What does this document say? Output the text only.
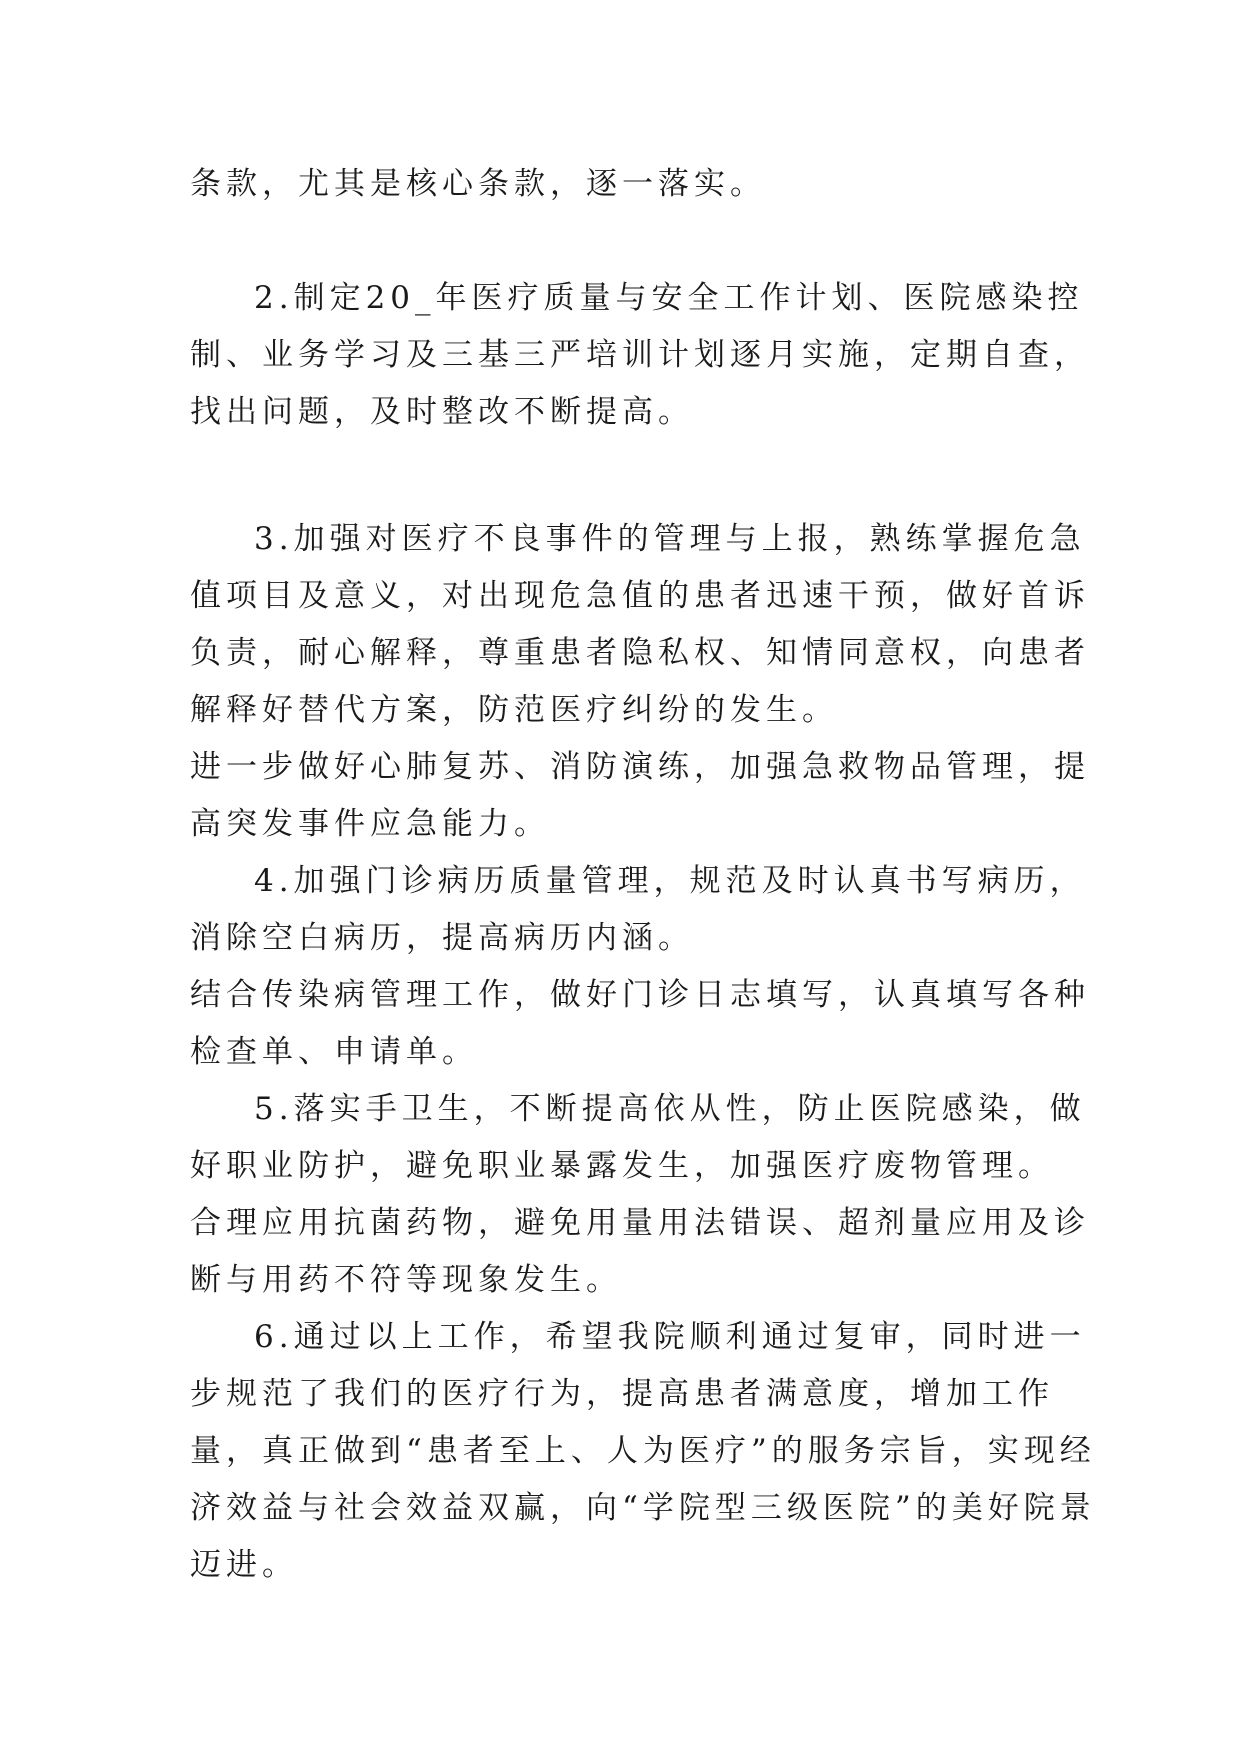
条款，尤其是核心条款，逐一落实。

2.制定20_年医疗质量与安全工作计划、医院感染控制、业务学习及三基三严培训计划逐月实施，定期自查，找出问题，及时整改不断提高。

3.加强对医疗不良事件的管理与上报，熟练掌握危急值项目及意义，对出现危急值的患者迅速干预，做好首诉负责，耐心解释，尊重患者隐私权、知情同意权，向患者解释好替代方案，防范医疗纠纷的发生。

进一步做好心肺复苏、消防演练，加强急救物品管理，提高突发事件应急能力。

4.加强门诊病历质量管理，规范及时认真书写病历，消除空白病历，提高病历内涵。

结合传染病管理工作，做好门诊日志填写，认真填写各种检查单、申请单。

5.落实手卫生，不断提高依从性，防止医院感染，做好职业防护，避免职业暴露发生，加强医疗废物管理。

合理应用抗菌药物，避免用量用法错误、超剂量应用及诊断与用药不符等现象发生。

6.通过以上工作，希望我院顺利通过复审，同时进一步规范了我们的医疗行为，提高患者满意度，增加工作量，真正做到“患者至上、人为医疗”的服务宗旨，实现经济效益与社会效益双赢，向“学院型三级医院”的美好院景迈进。
